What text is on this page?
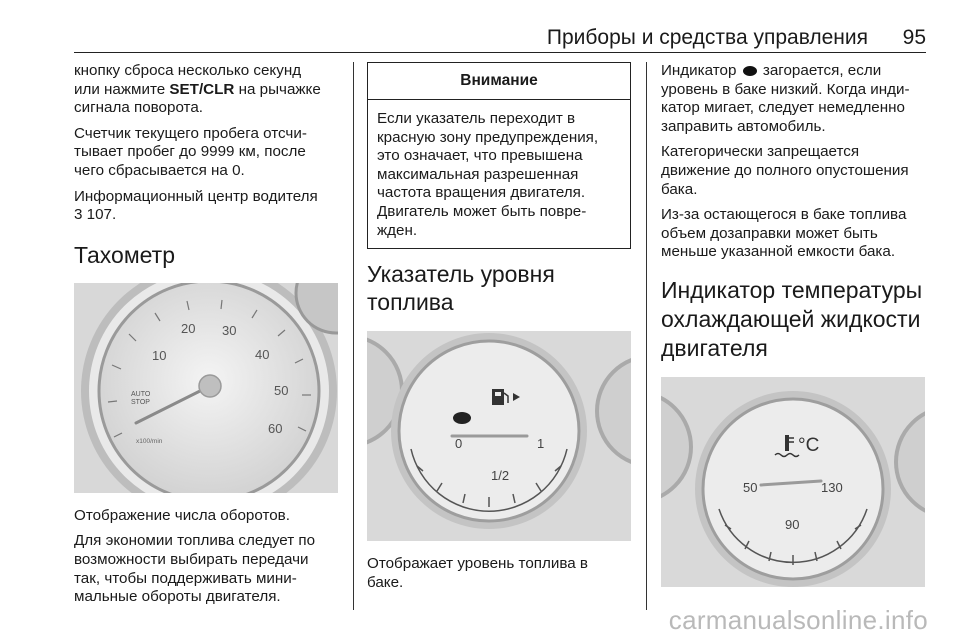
Приборы и средства управления 95

кнопку сброса несколько секунд
или нажмите SET/CLR на рычажке
сигнала поворота.

Счетчик текущего пробега отсчи-
тывает пробег до 9999 км, после
чего сбрасывается на 0.

Информационный центр водителя
3 107.

Тахометр
10
20 30
40
50
60
AUTO
STOP
x100/min

Отображение числа оборотов.

Для экономии топлива следует по
возможности выбирать передачи
так, чтобы поддерживать мини-
мальные обороты двигателя.

Внимание

Если указатель переходит в
красную зону предупреждения,
это означает, что превышена
максимальная разрешенная
частота вращения двигателя.
Двигатель может быть повре-
жден.

Указатель уровня топлива
0
1/2
1

Отображает уровень топлива в
баке.

Индикатор  загорается, если
уровень в баке низкий. Когда инди-
катор мигает, следует немедленно
заправить автомобиль.

Категорически запрещается
движение до полного опустошения
бака.

Из-за остающегося в баке топлива
объем дозаправки может быть
меньше указанной емкости бака.

Индикатор температуры
охлаждающей жидкости
двигателя
°C
50
90
130
carmanualsonline.info
